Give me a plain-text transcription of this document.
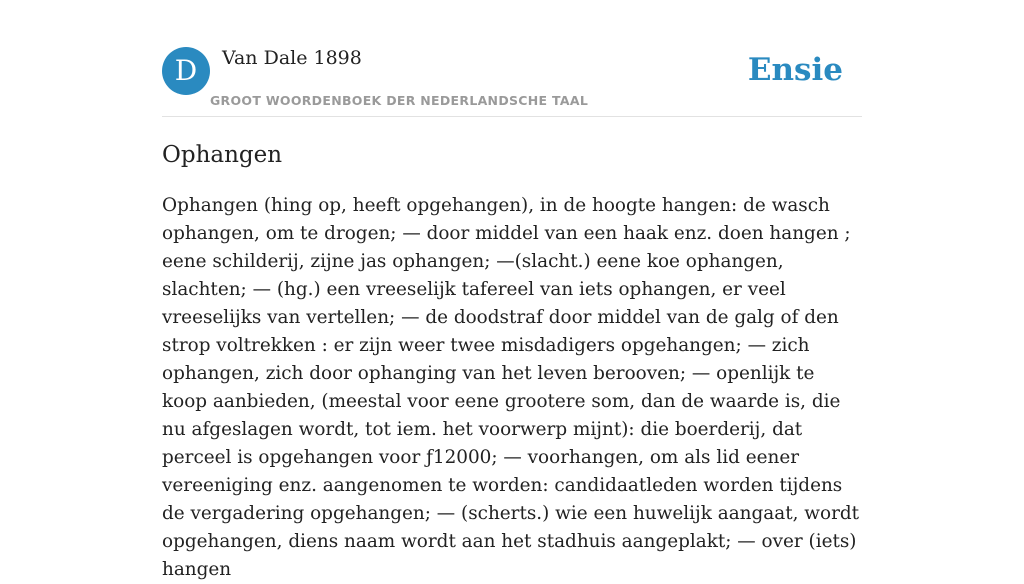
D	Van Dale 1898
GROOT WOORDENBOEK DER NEDERLANDSCHE TAAL
Ensie
Ophangen

Ophangen (hing op, heeft opgehangen), in de hoogte hangen: de wasch ophangen, om te drogen; — door middel van een haak enz. doen hangen ; eene schilderij, zijne jas ophangen; —(slacht.) eene koe ophangen, slachten; — (hg.) een vreeselijk tafereel van iets ophangen, er veel vreeselijks van vertellen; — de doodstraf door middel van de galg of den strop voltrekken : er zijn weer twee misdadigers opgehangen; — zich ophangen, zich door ophanging van het leven berooven; — openlijk te koop aanbieden, (meestal voor eene grootere som, dan de waarde is, die nu afgeslagen wordt, tot iem. het voorwerp mijnt): die boerderij, dat perceel is opgehangen voor ƒ12000; — voorhangen, om als lid eener vereeniging enz. aangenomen te worden: candidaatleden worden tijdens de vergadering opgehangen; — (scherts.) wie een huwelijk aangaat, wordt opgehangen, diens naam wordt aan het stadhuis aangeplakt; — over (iets) hangen
